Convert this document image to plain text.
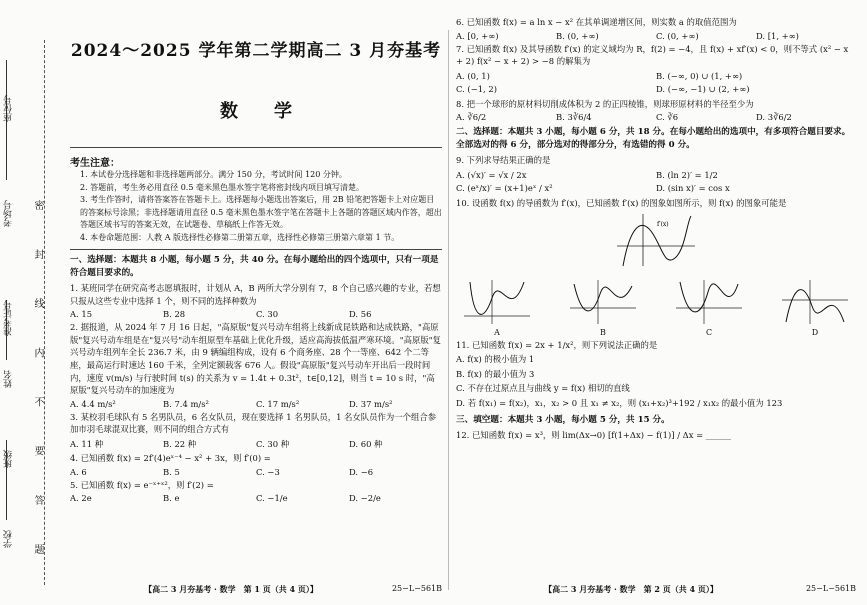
学校
班级
姓名
准考证号
考场号
座位号
密 封 线 内 不 要 答 题
2024～2025 学年第二学期高二 3 月夯基考
数学
考生注意：
1. 本试卷分选择题和非选择题两部分。满分 150 分，考试时间 120 分钟。
2. 答题前，考生务必用直径 0.5 毫米黑色墨水签字笔将密封线内项目填写清楚。
3. 考生作答时，请将答案答在答题卡上。选择题每小题选出答案后，用 2B 铅笔把答题卡上对应题目的答案标号涂黑；非选择题请用直径 0.5 毫米黑色墨水签字笔在答题卡上各题的答题区域内作答，超出答题区域书写的答案无效，在试题卷、草稿纸上作答无效。
4. 本卷命题范围：人教 A 版选择性必修第二册第五章，选择性必修第三册第六章第 1 节。
一、选择题：本题共 8 小题，每小题 5 分，共 40 分。在每小题给出的四个选项中，只有一项是符合题目要求的。
1. 某班同学在研究高考志愿填报时，计划从 A，B 两所大学分别有 7，8 个自己感兴趣的专业，若想只报从这些专业中选择 1 个，则不同的选择种数为
A. 15	B. 28	C. 30	D. 56
2. 据报道，从 2024 年 7 月 16 日起，"高原版"复兴号动车组将上线新成昆铁路和达成铁路，"高原版"复兴号动车组是在"复兴号"动车组原型车基础上优化升级，适应高海拔低温严寒环境。"高原版"复兴号动车组列车全长 236.7 米，由 9 辆编组构成，设有 6 个商务座、28 个一等座、642 个二等座，最高运行时速达 160 千米，全列定额载客 676 人。假设"高原版"复兴号动车开出后一段时间内，速度 v(m/s) 与行驶时间 t(s) 的关系为 v = 1.4t + 0.3t²，t∈[0,12]，则当 t = 10 s 时，"高原版"复兴号动车的加速度为
A. 4.4 m/s²	B. 7.4 m/s²	C. 17 m/s²	D. 37 m/s²
3. 某校羽毛球队有 5 名男队员，6 名女队员，现在要选择 1 名男队员，1 名女队员作为一个组合参加市羽毛球混双比赛，则不同的组合方式有
A. 11 种	B. 22 种	C. 30 种	D. 60 种
4. 已知函数 f(x) = 2f′(4)eˣ⁻⁴ − x² + 3x，则 f′(0) =
A. 6	B. 5	C. −3	D. −6
5. 已知函数 f(x) = e⁻ˣ⁺ˣ²，则 f′(2) =
A. 2e	B. e	C. −1/e	D. −2/e
【高二 3 月夯基考 · 数学　第 1 页（共 4 页）】	25−L−561B
6. 已知函数 f(x) = a ln x − x² 在其单调递增区间，则实数 a 的取值范围为
A. [0, +∞)	B. (0, +∞)	C. (0, +∞)	D. [1, +∞)
7. 已知函数 f(x) 及其导函数 f′(x) 的定义域均为 R，f(2) = −4，且 f(x) + xf′(x) < 0，则不等式 (x² − x + 2) f(x² − x + 2) > −8 的解集为
A. (0, 1)	B. (−∞, 0) ∪ (1, +∞)
C. (−1, 2)	D. (−∞, −1) ∪ (2, +∞)
8. 把一个球形的原材料切削成体积为 2 的正四棱锥，则球形原材料的半径至少为
A. ∛6/2	B. 3∛6/4	C. ∛6	D. 3∛6/2
二、选择题：本题共 3 小题，每小题 6 分，共 18 分。在每小题给出的选项中，有多项符合题目要求。全部选对的得 6 分，部分选对的得部分分，有选错的得 0 分。
9. 下列求导结果正确的是
A. (√x)′ = √x / 2x	B. (ln 2)′ = 1/2
C. (eˣ/x)′ = (x+1)eˣ / x²	D. (sin x)′ = cos x
10. 设函数 f(x) 的导函数为 f′(x)，已知函数 f′(x) 的图象如图所示，则 f(x) 的图象可能是
f′(x)
A	B	C	D
11. 已知函数 f(x) = 2x + 1/x²，则下列说法正确的是
A. f(x) 的极小值为 1
B. f(x) 的最小值为 3
C. 不存在过原点且与曲线 y = f(x) 相切的直线
D. 若 f(x₁) = f(x₂)，x₁，x₂ > 0 且 x₁ ≠ x₂，则 (x₁+x₂)³+192 / x₁x₂ 的最小值为 123
三、填空题：本题共 3 小题，每小题 5 分，共 15 分。
12. 已知函数 f(x) = x³，则 lim(Δx→0) [f(1+Δx) − f(1)] / Δx = ______
【高二 3 月夯基考 · 数学　第 2 页（共 4 页）】	25−L−561B
